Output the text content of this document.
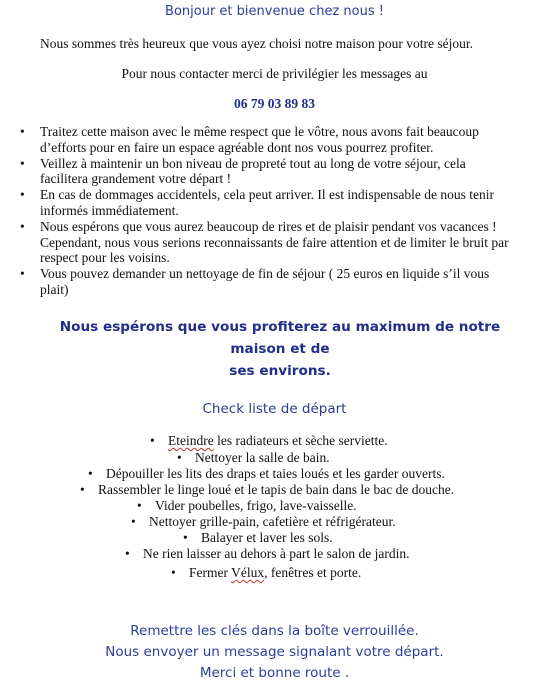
Bonjour et bienvenue chez nous !
Nous sommes très heureux que vous ayez choisi notre maison pour votre séjour.
Pour nous contacter merci de privilégier les messages au
06 79 03 89 83
• Traitez cette maison avec le même respect que le vôtre, nous avons fait beaucoup
d’efforts pour en faire un espace agréable dont nos vous pourrez profiter.
• Veillez à maintenir un bon niveau de propreté tout au long de votre séjour, cela
facilitera grandement votre départ !
• En cas de dommages accidentels, cela peut arriver. Il est indispensable de nous tenir
informés immédiatement.
• Nous espérons que vous aurez beaucoup de rires et de plaisir pendant vos vacances !
Cependant, nous vous serions reconnaissants de faire attention et de limiter le bruit par
respect pour les voisins.
• Vous pouvez demander un nettoyage de fin de séjour ( 25 euros en liquide s’il vous
plait)
Nous espérons que vous profiterez au maximum de notre maison et de
ses environs.
Check liste de départ
• Eteindre les radiateurs et sèche serviette.
• Nettoyer la salle de bain.
• Dépouiller les lits des draps et taies loués et les garder ouverts.
• Rassembler le linge loué et le tapis de bain dans le bac de douche.
• Vider poubelles, frigo, lave-vaisselle.
• Nettoyer grille-pain, cafetière et réfrigérateur.
• Balayer et laver les sols.
• Ne rien laisser au dehors à part le salon de jardin.
• Fermer Vélux, fenêtres et porte.
Remettre les clés dans la boîte verrouillée.
Nous envoyer un message signalant votre départ.
Merci et bonne route .
